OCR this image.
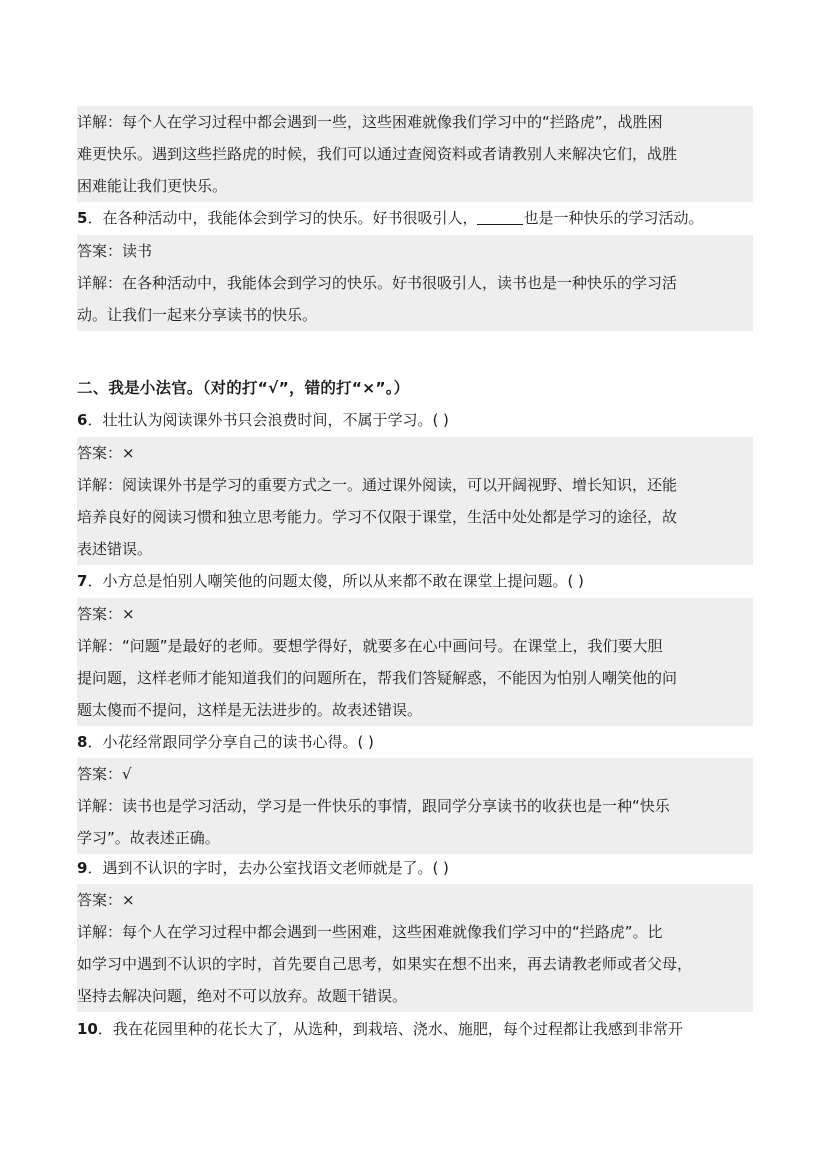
详解：每个人在学习过程中都会遇到一些，这些困难就像我们学习中的“拦路虎”，战胜困
难更快乐。遇到这些拦路虎的时候，我们可以通过查阅资料或者请教别人来解决它们，战胜
困难能让我们更快乐。
5．在各种活动中，我能体会到学习的快乐。好书很吸引人，	也是一种快乐的学习活动。
答案：读书
详解：在各种活动中，我能体会到学习的快乐。好书很吸引人，读书也是一种快乐的学习活
动。让我们一起来分享读书的快乐。
二、我是小法官。（对的打“√”，错的打“×”。）
6．壮壮认为阅读课外书只会浪费时间，不属于学习。( )
答案：×
详解：阅读课外书是学习的重要方式之一。通过课外阅读，可以开阔视野、增长知识，还能
培养良好的阅读习惯和独立思考能力。学习不仅限于课堂，生活中处处都是学习的途径，故
表述错误。
7．小方总是怕别人嘲笑他的问题太傻，所以从来都不敢在课堂上提问题。( )
答案：×
详解：“问题”是最好的老师。要想学得好，就要多在心中画问号。在课堂上，我们要大胆
提问题，这样老师才能知道我们的问题所在，帮我们答疑解惑，不能因为怕别人嘲笑他的问
题太傻而不提问，这样是无法进步的。故表述错误。
8．小花经常跟同学分享自己的读书心得。( )
答案：√
详解：读书也是学习活动，学习是一件快乐的事情，跟同学分享读书的收获也是一种“快乐
学习”。故表述正确。
9．遇到不认识的字时，去办公室找语文老师就是了。( )
答案：×
详解：每个人在学习过程中都会遇到一些困难，这些困难就像我们学习中的“拦路虎”。比
如学习中遇到不认识的字时，首先要自己思考，如果实在想不出来，再去请教老师或者父母，
坚持去解决问题，绝对不可以放弃。故题干错误。
10．我在花园里种的花长大了，从选种，到栽培、浇水、施肥，每个过程都让我感到非常开
